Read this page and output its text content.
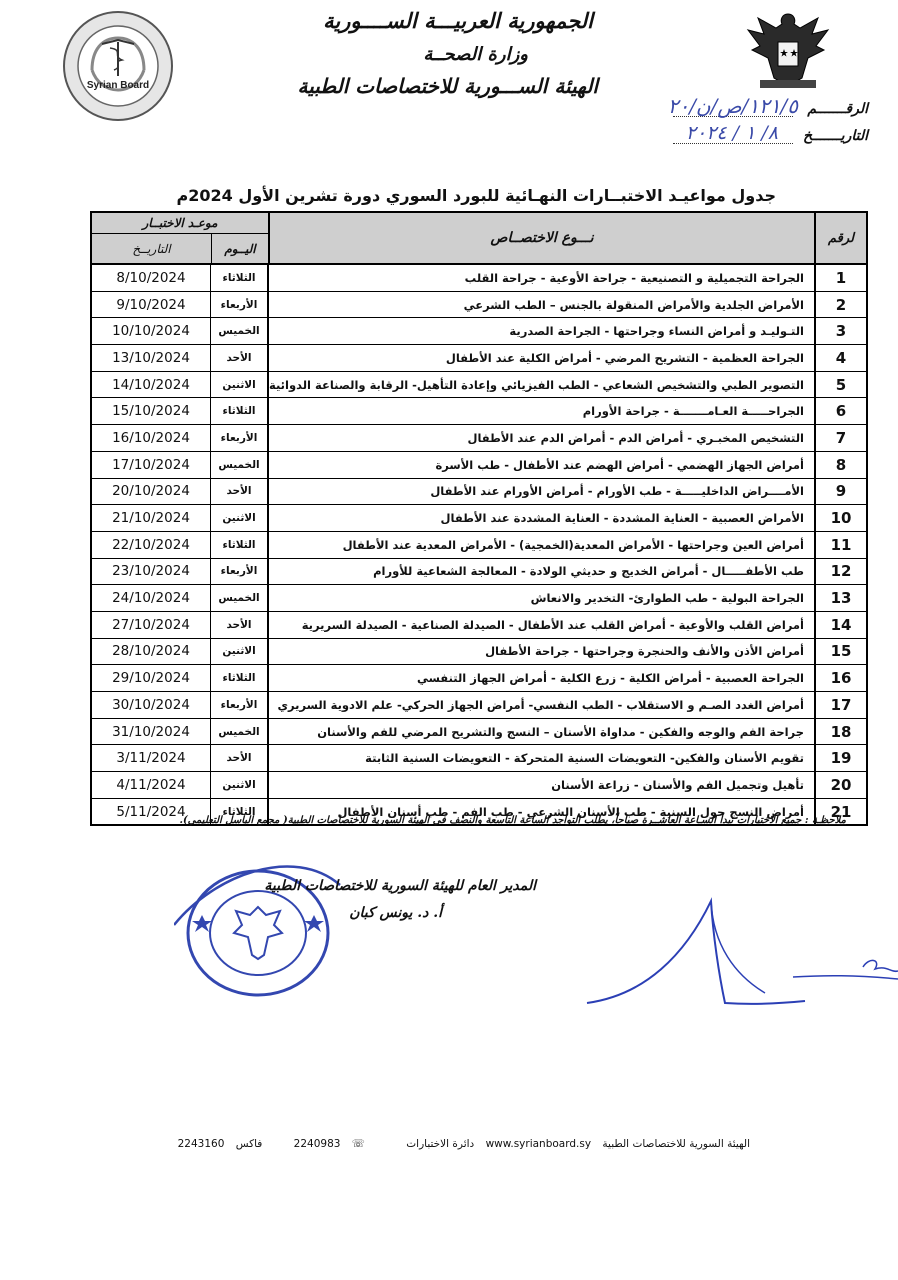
الجمهورية العربيـــة الســــورية
وزارة الصحــة
الهيئة الســـورية للاختصاصات الطبية
Syrian Board
الرقـــــــم
١٢١/٥/ص/ن/٢٠
التاريـــــــخ
٨/ ١ / ٢٠٢٤
جدول مواعيـد الاختبــارات النهـائية للبورد السوري دورة تشرين الأول 2024م
لرقم
نـــوع الاختصــاص
موعـد الاختبــار
اليــوم
التاريــخ
1
الجراحة التجميلية و التصنيعية - جراحة الأوعية - جراحة القلب
الثلاثاء
8/10/2024
2
الأمراض الجلدية والأمراض المنقولة بالجنس – الطب الشرعي
الأربعاء
9/10/2024
3
التـوليـد و أمراض النساء وجراحتها - الجراحة الصدرية
الخميس
10/10/2024
4
الجراحة العظمية - التشريح المرضي - أمراض الكلية عند الأطفال
الأحد
13/10/2024
5
التصوير الطبي والتشخيص الشعاعي - الطب الفيزيائي وإعادة التأهيل- الرقابة والصناعة الدوائية
الاثنين
14/10/2024
6
الجراحـــــة العـامـــــــة - جراحة الأورام
الثلاثاء
15/10/2024
7
التشخيص المخبـري - أمراض الدم - أمراض الدم عند الأطفال
الأربعاء
16/10/2024
8
أمراض الجهاز الهضمي - أمراض الهضم عند الأطفال - طب الأسرة
الخميس
17/10/2024
9
الأمــــراض الداخليـــــة - طب الأورام - أمراض الأورام عند الأطفال
الأحد
20/10/2024
10
الأمراض العصبية - العناية المشددة - العناية المشددة عند الأطفال
الاثنين
21/10/2024
11
أمراض العين وجراحتها - الأمراض المعدية(الخمجية) - الأمراض المعدية عند الأطفال
الثلاثاء
22/10/2024
12
طب الأطفـــــال - أمراض الخديج و حديثي الولادة - المعالجة الشعاعية للأورام
الأربعاء
23/10/2024
13
الجراحة البولية - طب الطوارئ- التخدير والانعاش
الخميس
24/10/2024
14
أمراض القلب والأوعية - أمراض القلب عند الأطفال - الصيدلة الصناعية - الصيدلة السريرية
الأحد
27/10/2024
15
أمراض الأذن والأنف والحنجرة وجراحتها - جراحة الأطفال
الاثنين
28/10/2024
16
الجراحة العصبية - أمراض الكلية - زرع الكلية - أمراض الجهاز التنفسي
الثلاثاء
29/10/2024
17
أمراض الغدد الصـم و الاستقلاب - الطب النفسي- أمراض الجهاز الحركي- علم الادوية السريري
الأربعاء
30/10/2024
18
جراحة الفم والوجه والفكين - مداواة الأسنان – النسج والتشريح المرضي للفم والأسنان
الخميس
31/10/2024
19
تقويم الأسنان والفكين- التعويضات السنية المتحركة - التعويضات السنية الثابتة
الأحد
3/11/2024
20
تأهيل وتجميل الفم والأسنان - زراعة الأسنان
الاثنين
4/11/2024
21
أمراض النسج حول السنية - طب الأسنان الشرعي - طب الفم - طب أسنان الأطفال
الثلاثاء
5/11/2024
ملاحظـة : جميع الاختبارات تبدأ السـاعة العاشــرة صباحاً، يطلب التواجد الساعة التاسعة والنصف في الهيئة السورية للاختصاصات الطبية( مجمع الباسل التعليمي).
المدير العام للهيئة السورية للاختصاصات الطبية
أ. د. يونس كبان
الهيئة السورية للاختصاصات الطبية www.syrianboard.sy دائرة الاختبارات ☏ 2240983 فاكس 2243160
